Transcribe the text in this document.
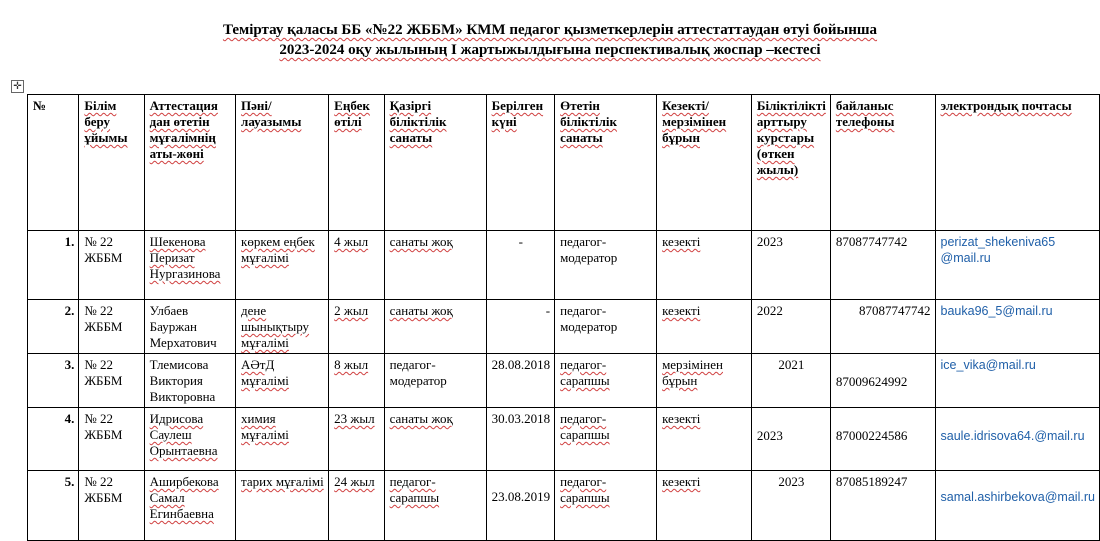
Теміртау қаласы ББ «№22 ЖББМ» КММ педагог қызметкерлерін аттестаттаудан өтуі бойынша
2023-2024 оқу жылының І жартыжылдығына перспективалық жоспар –кестесі
✛
№	Білім беру ұйымы	Аттестация дан өтетін мұғалімнің аты-жөні	Пәні/лауазымы	Еңбек өтілі	Қазіргі біліктілік санаты	Берілген күні	Өтетін біліктілік санаты	Кезекті/мерзімінен бұрын	Біліктілікті арттыру курстары (өткен жылы)	байланыс телефоны	электрондық почтасы
1.	№ 22 ЖББМ	Шекенова Перизат Нургазинова	көркем еңбек мұғалімі	4 жыл	санаты жоқ	-	педагог-модератор	кезекті	2023	87087747742	perizat_shekeniva65 @mail.ru
2.	№ 22 ЖББМ	Улбаев Бауржан Мерхатович	дене шынықтыру мұғалімі	2 жыл	санаты жоқ	-	педагог-модератор	кезекті	2022	87087747742	bauka96_5@mail.ru
3.	№ 22 ЖББМ	Тлемисова Виктория Викторовна	АӘтД мұғалімі	8 жыл	педагог-модератор	28.08.2018	педагог-сарапшы	мерзімінен бұрын	2021	87009624992	ice_vika@mail.ru
4.	№ 22 ЖББМ	Идрисова Саулеш Орынтаевна	химия мұғалімі	23 жыл	санаты жоқ	30.03.2018	педагог-сарапшы	кезекті	2023	87000224586	saule.idrisova64.@mail.ru
5.	№ 22 ЖББМ	Аширбекова Самал Егинбаевна	тарих мұғалімі	24 жыл	педагог-сарапшы	23.08.2019	педагог-сарапшы	кезекті	2023	87085189247	samal.ashirbekova@mail.ru
